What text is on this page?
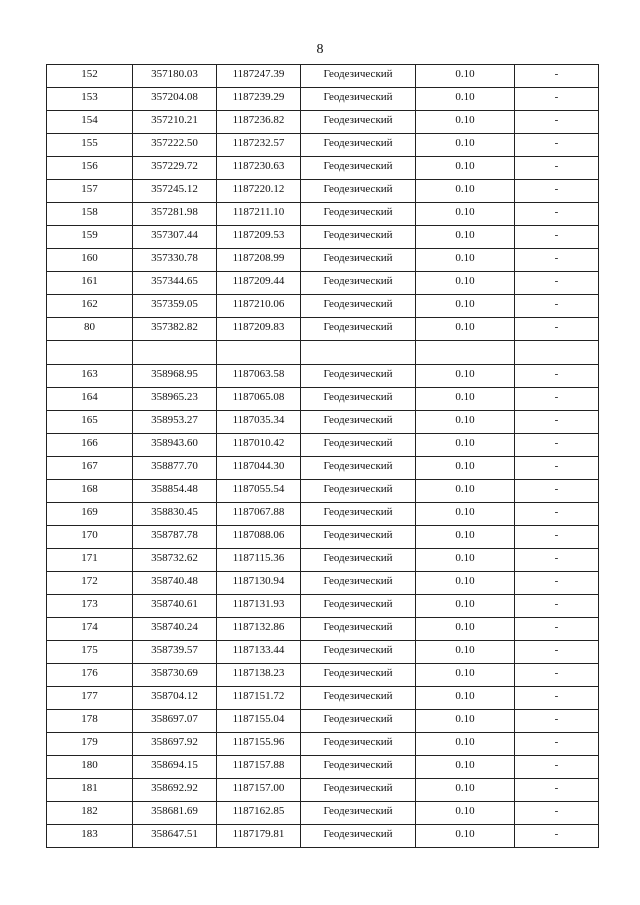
8
152	357180.03	1187247.39	Геодезический	0.10	-
153	357204.08	1187239.29	Геодезический	0.10	-
154	357210.21	1187236.82	Геодезический	0.10	-
155	357222.50	1187232.57	Геодезический	0.10	-
156	357229.72	1187230.63	Геодезический	0.10	-
157	357245.12	1187220.12	Геодезический	0.10	-
158	357281.98	1187211.10	Геодезический	0.10	-
159	357307.44	1187209.53	Геодезический	0.10	-
160	357330.78	1187208.99	Геодезический	0.10	-
161	357344.65	1187209.44	Геодезический	0.10	-
162	357359.05	1187210.06	Геодезический	0.10	-
80	357382.82	1187209.83	Геодезический	0.10	-

163	358968.95	1187063.58	Геодезический	0.10	-
164	358965.23	1187065.08	Геодезический	0.10	-
165	358953.27	1187035.34	Геодезический	0.10	-
166	358943.60	1187010.42	Геодезический	0.10	-
167	358877.70	1187044.30	Геодезический	0.10	-
168	358854.48	1187055.54	Геодезический	0.10	-
169	358830.45	1187067.88	Геодезический	0.10	-
170	358787.78	1187088.06	Геодезический	0.10	-
171	358732.62	1187115.36	Геодезический	0.10	-
172	358740.48	1187130.94	Геодезический	0.10	-
173	358740.61	1187131.93	Геодезический	0.10	-
174	358740.24	1187132.86	Геодезический	0.10	-
175	358739.57	1187133.44	Геодезический	0.10	-
176	358730.69	1187138.23	Геодезический	0.10	-
177	358704.12	1187151.72	Геодезический	0.10	-
178	358697.07	1187155.04	Геодезический	0.10	-
179	358697.92	1187155.96	Геодезический	0.10	-
180	358694.15	1187157.88	Геодезический	0.10	-
181	358692.92	1187157.00	Геодезический	0.10	-
182	358681.69	1187162.85	Геодезический	0.10	-
183	358647.51	1187179.81	Геодезический	0.10	-
